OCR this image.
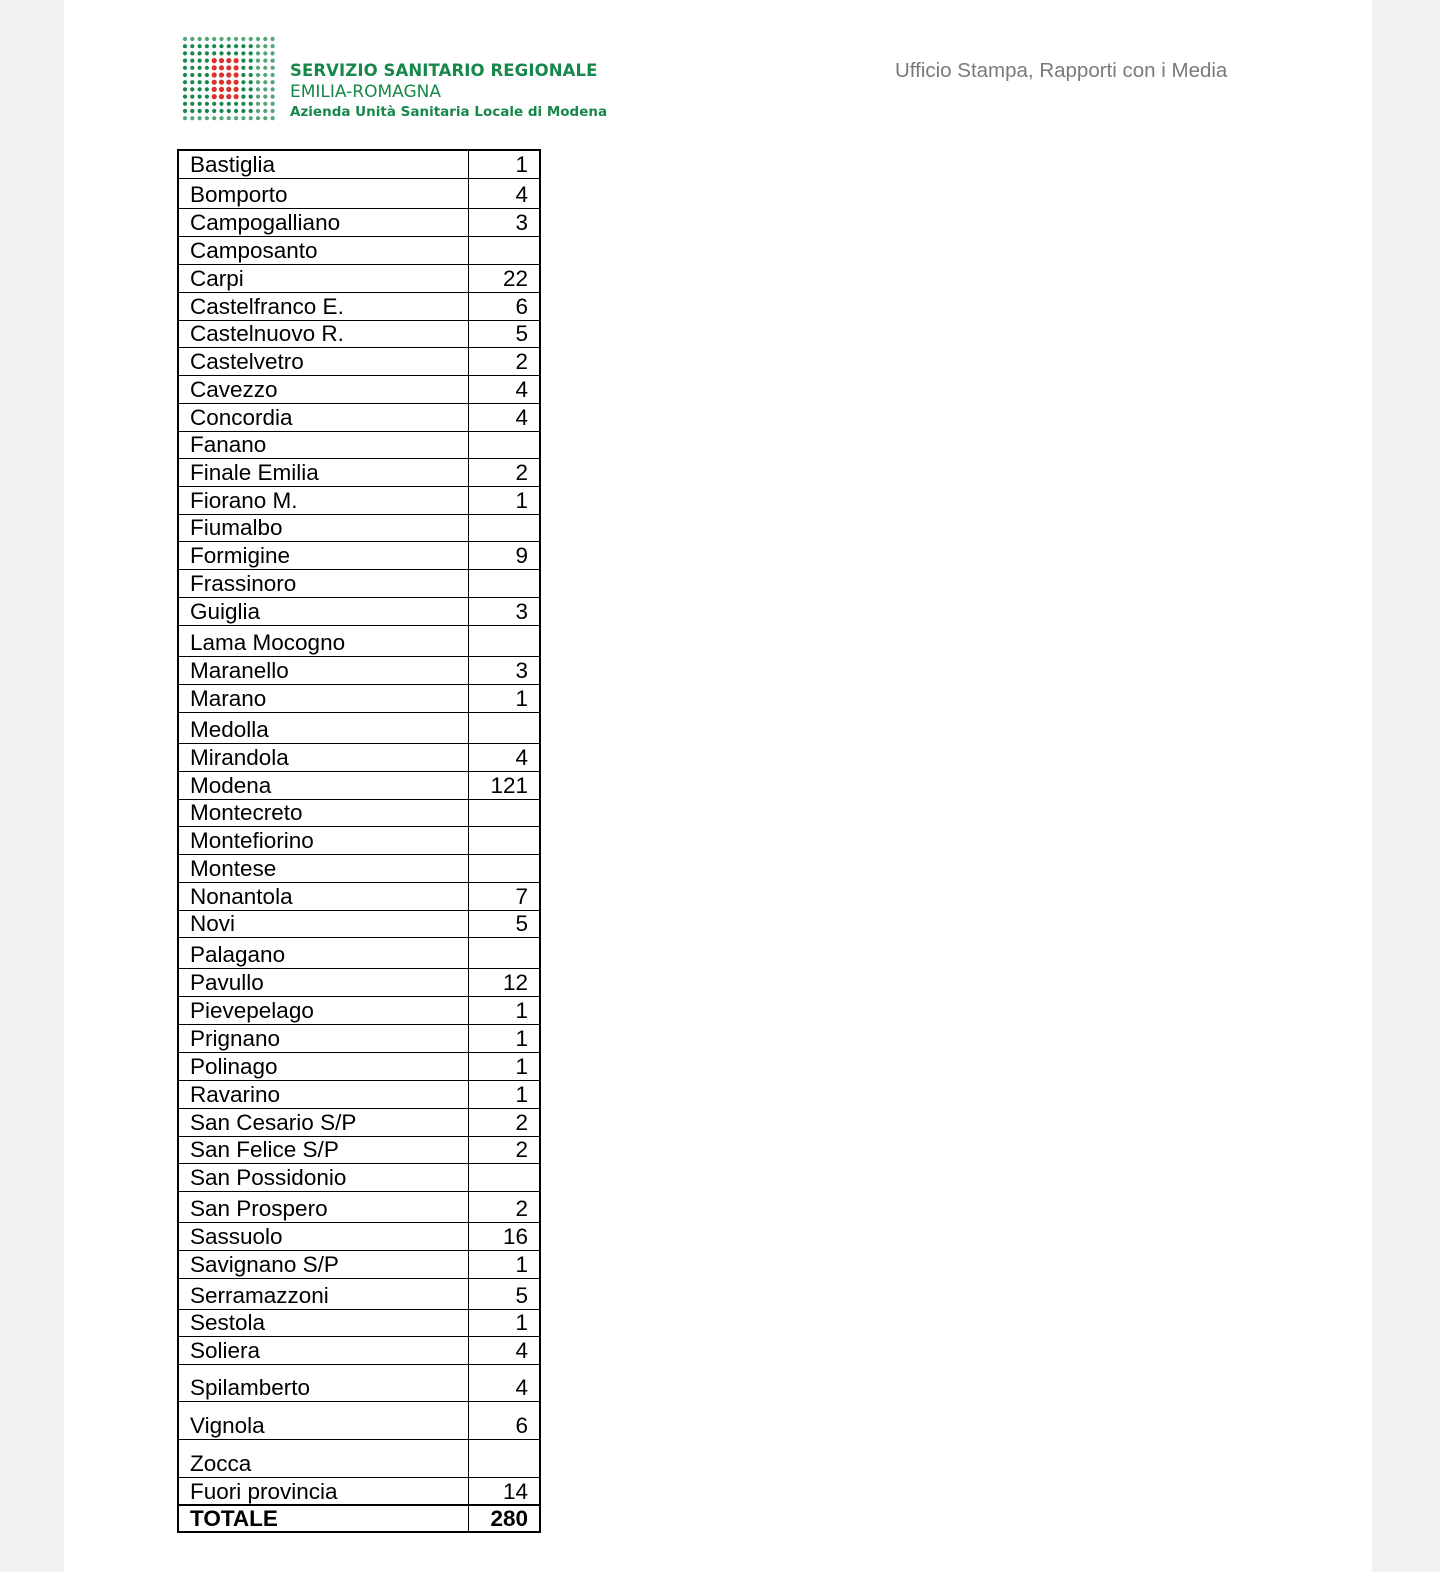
SERVIZIO SANITARIO REGIONALE
EMILIA-ROMAGNA
Azienda Unità Sanitaria Locale di Modena
Ufficio Stampa, Rapporti con i Media
Bastiglia	1
Bomporto	4
Campogalliano	3
Camposanto	
Carpi	22
Castelfranco E.	6
Castelnuovo R.	5
Castelvetro	2
Cavezzo	4
Concordia	4
Fanano	
Finale Emilia	2
Fiorano M.	1
Fiumalbo	
Formigine	9
Frassinoro	
Guiglia	3
Lama Mocogno	
Maranello	3
Marano	1
Medolla	
Mirandola	4
Modena	121
Montecreto	
Montefiorino	
Montese	
Nonantola	7
Novi	5
Palagano	
Pavullo	12
Pievepelago	1
Prignano	1
Polinago	1
Ravarino	1
San Cesario S/P	2
San Felice S/P	2
San Possidonio	
San Prospero	2
Sassuolo	16
Savignano S/P	1
Serramazzoni	5
Sestola	1
Soliera	4
Spilamberto	4
Vignola	6
Zocca	
Fuori provincia	14
TOTALE	280
